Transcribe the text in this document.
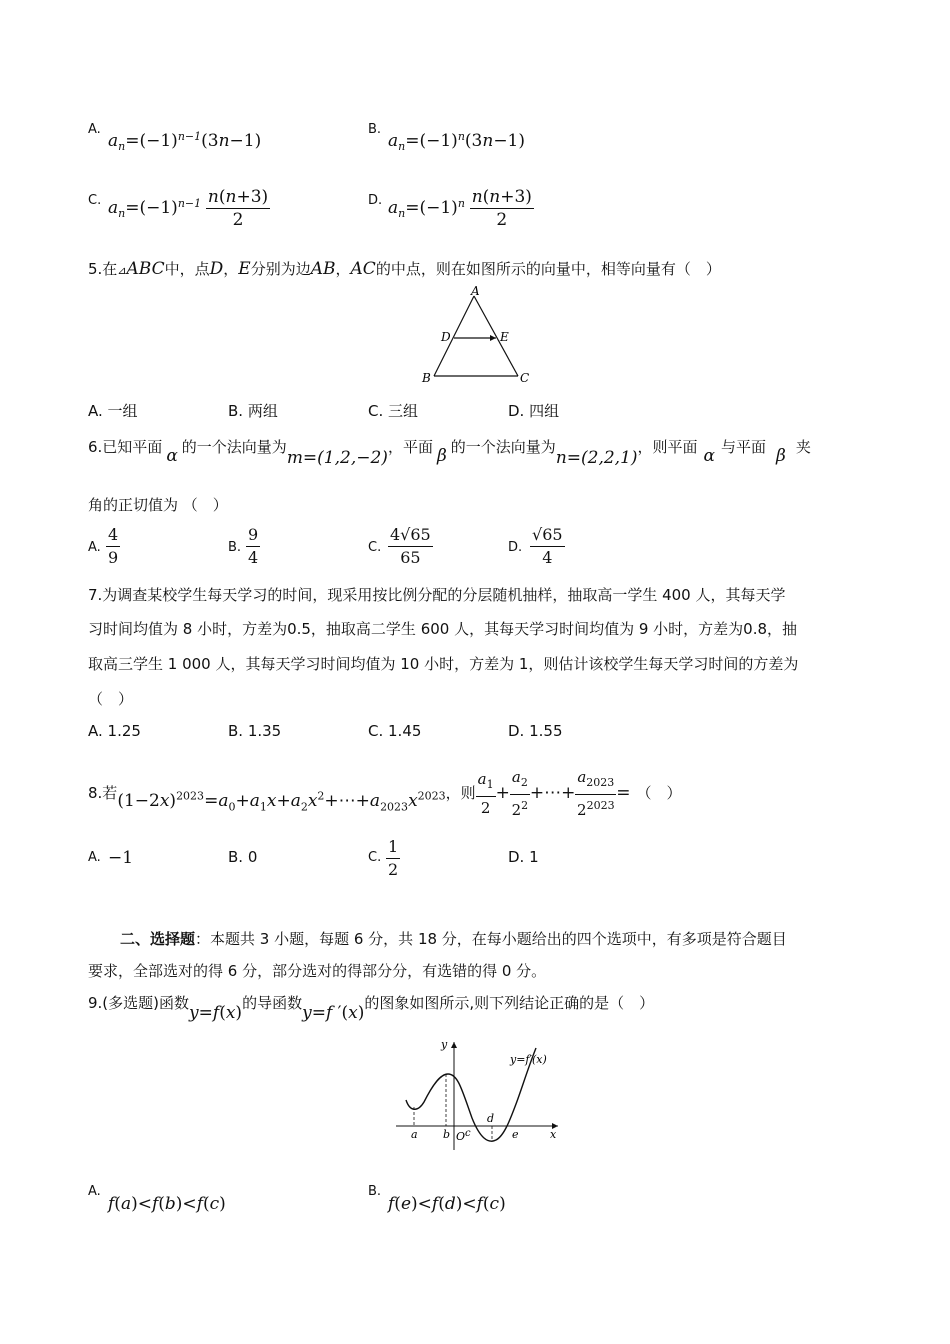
A.
$a_n=(-1)^{n-1}(3n-1)$
B.
$a_n=(-1)^n(3n-1)$
C. $a_n=(-1)^{n-1} \frac{n(n+3)}{2}$	D. $a_n=(-1)^n \frac{n(n+3)}{2}$
5.在⊿ABC中，点D，E分别为边AB，AC的中点，则在如图所示的向量中，相等向量有（　）
A
D	E
B	C
A. 一组	B. 两组	C. 三组	D. 四组
6.已知平面 α 的一个法向量为m=(1,2,−2)，平面 β 的一个法向量为n=(2,2,1)，则平面 α 与平面 β 夹
角的正切值为 （　）
A. $\frac{4}{9}$	B. $\frac{9}{4}$	C. $\frac{4√65}{65}$	D. $\frac{√65}{4}$
7.为调查某校学生每天学习的时间，现采用按比例分配的分层随机抽样，抽取高一学生 400 人，其每天学
习时间均值为 8 小时，方差为0.5，抽取高二学生 600 人，其每天学习时间均值为 9 小时，方差为0.8，抽
取高三学生 1 000 人，其每天学习时间均值为 10 小时，方差为 1，则估计该校学生每天学习时间的方差为
（　）
A. 1.25	B. 1.35	C. 1.45	D. 1.55
8.若$(1-2x)^{2023}=a_0+a_1x+a_2x^2+\cdots+a_{2023}x^{2023}$，则 $\frac{a_1}{2} + \frac{a_2}{2^2}$ +⋯+ $\frac{a_{2023}}{2^{2023}}$ = （　）
A. −1	B. 0	C. $\frac{1}{2}$	D. 1
二、选择题：本题共 3 小题，每题 6 分，共 18 分，在每小题给出的四个选项中，有多项是符合题目
要求，全部选对的得 6 分，部分选对的得部分分，有选错的得 0 分。
9.(多选题)函数y=f(x)的导函数y=f ′(x)的图象如图所示,则下列结论正确的是（　）
y
y=f′(x)
a b O c
d
e	x
A.
f(a)<f(b)<f(c)
B.
f(e)<f(d)<f(c)
